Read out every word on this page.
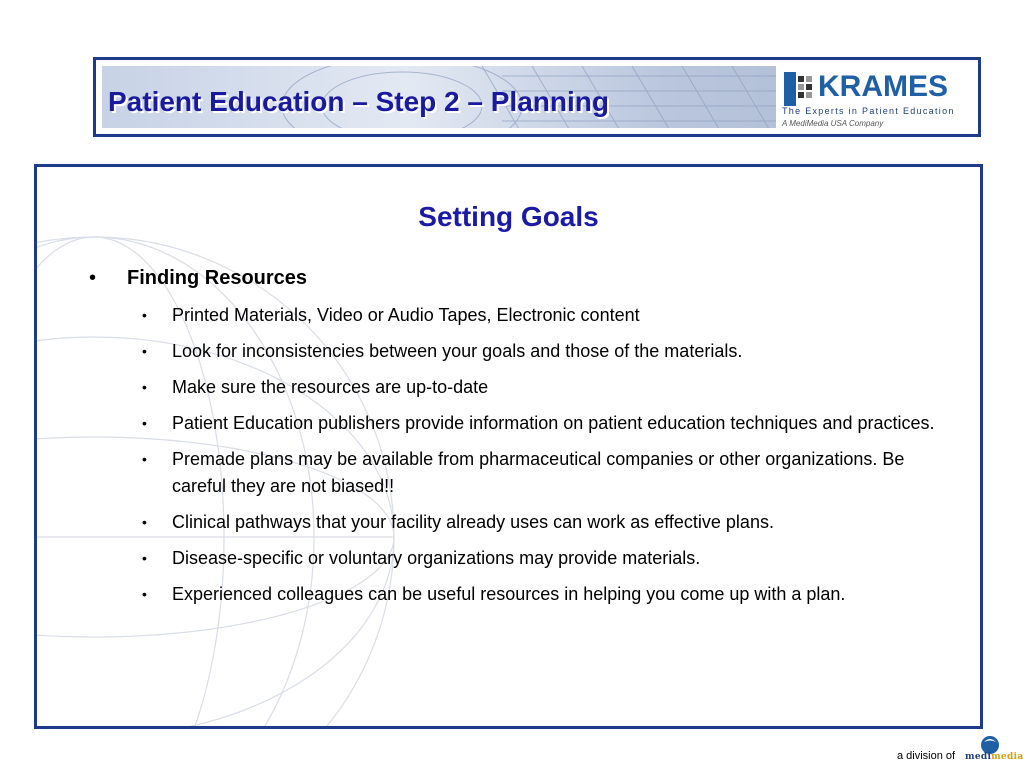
Patient Education – Step 2 – Planning	KRAMES
The Experts in Patient Education
A MediMedia USA Company
Setting Goals
• Finding Resources
• Printed Materials, Video or Audio Tapes, Electronic content
• Look for inconsistencies between your goals and those of the materials.
• Make sure the resources are up-to-date
• Patient Education publishers provide information on patient education techniques and practices.
• Premade plans may be available from pharmaceutical companies or other organizations. Be careful they are not biased!!
• Clinical pathways that your facility already uses can work as effective plans.
• Disease-specific or voluntary organizations may provide materials.
• Experienced colleagues can be useful resources in helping you come up with a plan.
a division of medimedia
